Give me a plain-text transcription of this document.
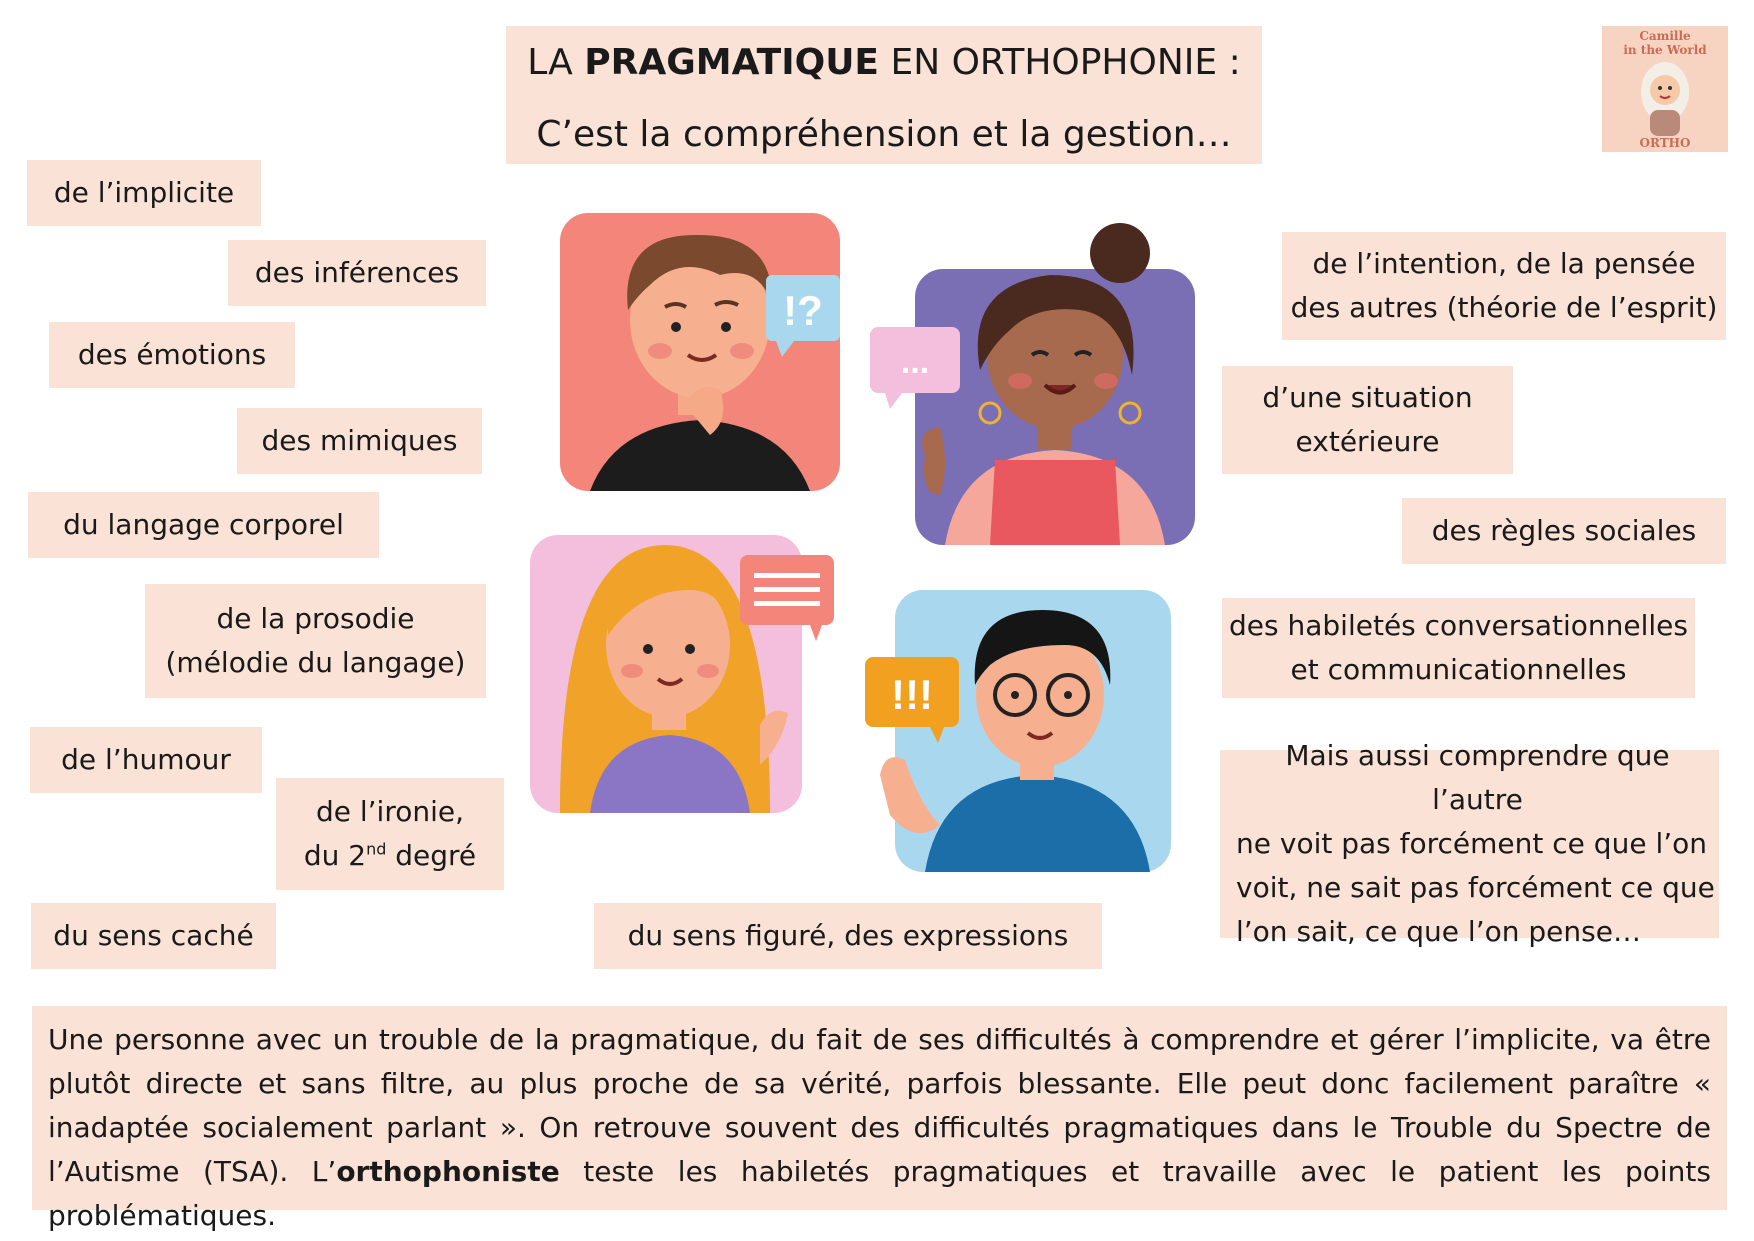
LA PRAGMATIQUE EN ORTHOPHONIE :
C’est la compréhension et la gestion…
Camille
in the World
ORTHO
de l’implicite
des inférences
des émotions
des mimiques
du langage corporel
de la prosodie
(mélodie du langage)
de l’humour
de l’ironie,
du 2nd degré
du sens caché	du sens figuré, des expressions
de l’intention, de la pensée
des autres (théorie de l’esprit)
d’une situation
extérieure
des règles sociales
des habiletés conversationnelles
et communicationnelles
Mais aussi comprendre que l’autre
ne voit pas forcément ce que l’on
voit, ne sait pas forcément ce que
l’on sait, ce que l’on pense…
!?
...
!!!
Une personne avec un trouble de la pragmatique, du fait de ses difficultés à comprendre et gérer l’implicite, va être plutôt directe et sans filtre, au plus proche de sa vérité, parfois blessante. Elle peut donc facilement paraître « inadaptée socialement parlant ». On retrouve souvent des difficultés pragmatiques dans le Trouble du Spectre de l’Autisme (TSA). L’orthophoniste teste les habiletés pragmatiques et travaille avec le patient les points problématiques.
